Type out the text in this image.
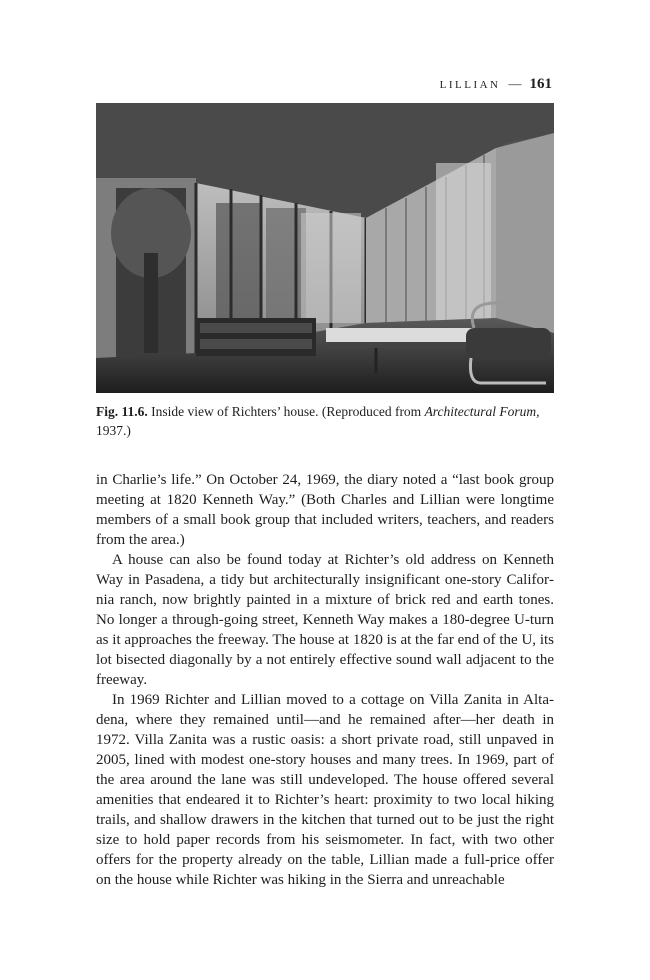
LILLIAN — 161
Fig. 11.6. Inside view of Richters’ house. (Reproduced from Architectural Forum, 1937.)

in Charlie’s life.” On October 24, 1969, the diary noted a “last book group meeting at 1820 Kenneth Way.” (Both Charles and Lillian were longtime members of a small book group that included writers, teachers, and readers from the area.)

A house can also be found today at Richter’s old address on Kenneth Way in Pasadena, a tidy but architecturally insignificant one-story California ranch, now brightly painted in a mixture of brick red and earth tones. No longer a through-going street, Kenneth Way makes a 180-degree U-turn as it approaches the freeway. The house at 1820 is at the far end of the U, its lot bisected diagonally by a not entirely effective sound wall adjacent to the freeway.

In 1969 Richter and Lillian moved to a cottage on Villa Zanita in Altadena, where they remained until—and he remained after—her death in 1972. Villa Zanita was a rustic oasis: a short private road, still unpaved in 2005, lined with modest one-story houses and many trees. In 1969, part of the area around the lane was still undeveloped. The house offered several amenities that endeared it to Richter’s heart: proximity to two local hiking trails, and shallow drawers in the kitchen that turned out to be just the right size to hold paper records from his seismometer. In fact, with two other offers for the property already on the table, Lillian made a full-price offer on the house while Richter was hiking in the Sierra and unreachable
